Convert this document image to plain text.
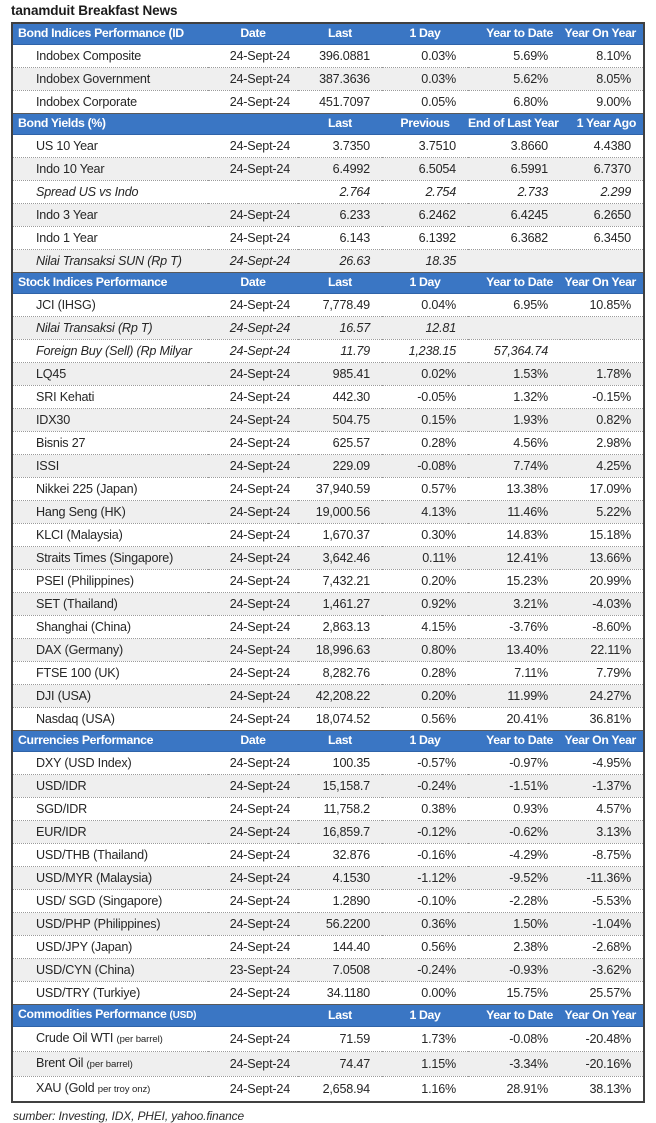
tanamduit Breakfast News
Bond Indices Performance (ID	Date	Last	1 Day	Year to Date	Year On Year
Indobex Composite	24-Sept-24	396.0881	0.03%	5.69%	8.10%
Indobex Government	24-Sept-24	387.3636	0.03%	5.62%	8.05%
Indobex Corporate	24-Sept-24	451.7097	0.05%	6.80%	9.00%
Bond Yields (%)		Last	Previous	End of Last Year	1 Year Ago
US 10 Year	24-Sept-24	3.7350	3.7510	3.8660	4.4380
Indo 10 Year	24-Sept-24	6.4992	6.5054	6.5991	6.7370
Spread US vs Indo		2.764	2.754	2.733	2.299
Indo 3 Year	24-Sept-24	6.233	6.2462	6.4245	6.2650
Indo 1 Year	24-Sept-24	6.143	6.1392	6.3682	6.3450
Nilai Transaksi SUN (Rp T)	24-Sept-24	26.63	18.35		
Stock Indices Performance	Date	Last	1 Day	Year to Date	Year On Year
JCI (IHSG)	24-Sept-24	7,778.49	0.04%	6.95%	10.85%
Nilai Transaksi (Rp T)	24-Sept-24	16.57	12.81		
Foreign Buy (Sell) (Rp Milyar	24-Sept-24	11.79	1,238.15	57,364.74	
LQ45	24-Sept-24	985.41	0.02%	1.53%	1.78%
SRI Kehati	24-Sept-24	442.30	-0.05%	1.32%	-0.15%
IDX30	24-Sept-24	504.75	0.15%	1.93%	0.82%
Bisnis 27	24-Sept-24	625.57	0.28%	4.56%	2.98%
ISSI	24-Sept-24	229.09	-0.08%	7.74%	4.25%
Nikkei 225 (Japan)	24-Sept-24	37,940.59	0.57%	13.38%	17.09%
Hang Seng (HK)	24-Sept-24	19,000.56	4.13%	11.46%	5.22%
KLCI (Malaysia)	24-Sept-24	1,670.37	0.30%	14.83%	15.18%
Straits Times (Singapore)	24-Sept-24	3,642.46	0.11%	12.41%	13.66%
PSEI (Philippines)	24-Sept-24	7,432.21	0.20%	15.23%	20.99%
SET (Thailand)	24-Sept-24	1,461.27	0.92%	3.21%	-4.03%
Shanghai (China)	24-Sept-24	2,863.13	4.15%	-3.76%	-8.60%
DAX (Germany)	24-Sept-24	18,996.63	0.80%	13.40%	22.11%
FTSE 100 (UK)	24-Sept-24	8,282.76	0.28%	7.11%	7.79%
DJI (USA)	24-Sept-24	42,208.22	0.20%	11.99%	24.27%
Nasdaq (USA)	24-Sept-24	18,074.52	0.56%	20.41%	36.81%
Currencies Performance	Date	Last	1 Day	Year to Date	Year On Year
DXY (USD Index)	24-Sept-24	100.35	-0.57%	-0.97%	-4.95%
USD/IDR	24-Sept-24	15,158.7	-0.24%	-1.51%	-1.37%
SGD/IDR	24-Sept-24	11,758.2	0.38%	0.93%	4.57%
EUR/IDR	24-Sept-24	16,859.7	-0.12%	-0.62%	3.13%
USD/THB (Thailand)	24-Sept-24	32.876	-0.16%	-4.29%	-8.75%
USD/MYR (Malaysia)	24-Sept-24	4.1530	-1.12%	-9.52%	-11.36%
USD/ SGD (Singapore)	24-Sept-24	1.2890	-0.10%	-2.28%	-5.53%
USD/PHP (Philippines)	24-Sept-24	56.2200	0.36%	1.50%	-1.04%
USD/JPY (Japan)	24-Sept-24	144.40	0.56%	2.38%	-2.68%
USD/CYN (China)	23-Sept-24	7.0508	-0.24%	-0.93%	-3.62%
USD/TRY (Turkiye)	24-Sept-24	34.1180	0.00%	15.75%	25.57%
Commodities Performance (USD)		Last	1 Day	Year to Date	Year On Year
Crude Oil WTI (per barrel)	24-Sept-24	71.59	1.73%	-0.08%	-20.48%
Brent Oil (per barrel)	24-Sept-24	74.47	1.15%	-3.34%	-20.16%
XAU (Gold per troy onz)	24-Sept-24	2,658.94	1.16%	28.91%	38.13%
sumber: Investing, IDX, PHEI, yahoo.finance
